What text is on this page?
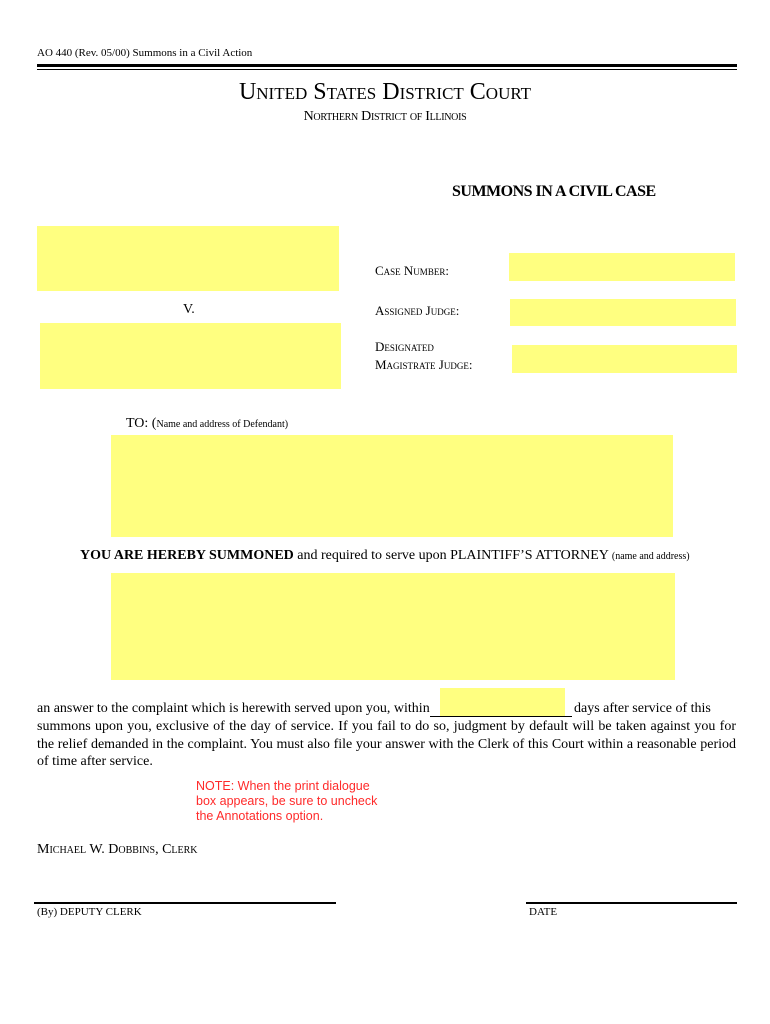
AO 440 (Rev. 05/00) Summons in a Civil Action
United States District Court
Northern District of Illinois
SUMMONS IN A CIVIL CASE
V.
Case Number:
Assigned Judge:
Designated
Magistrate Judge:
TO: (Name and address of Defendant)
YOU ARE HEREBY SUMMONED and required to serve upon PLAINTIFF’S ATTORNEY (name and address)
an answer to the complaint which is herewith served upon you, within	days after service of this
summons upon you, exclusive of the day of service. If you fail to do so, judgment by default will be taken against you for the relief demanded in the complaint. You must also file your answer with the Clerk of this Court within a reasonable period of time after service.
NOTE: When the print dialogue
box appears, be sure to uncheck
the Annotations option.
Michael W. Dobbins, Clerk
(By) DEPUTY CLERK	DATE
